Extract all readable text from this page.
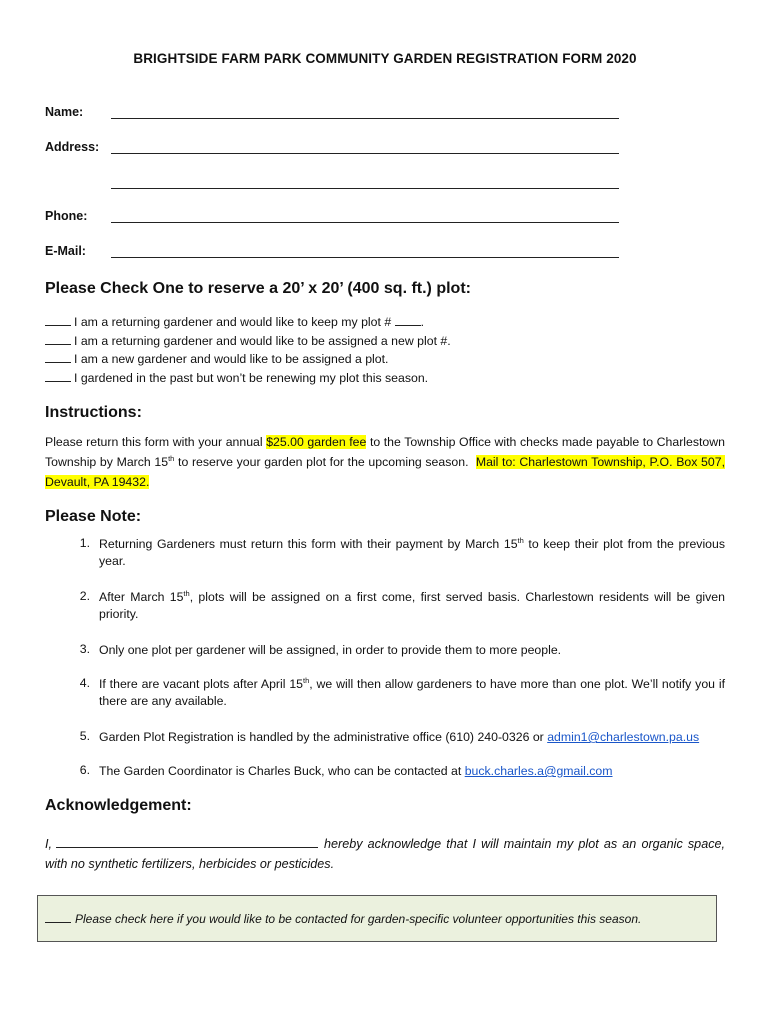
BRIGHTSIDE FARM PARK COMMUNITY GARDEN REGISTRATION FORM 2020
Name:
Address:
Phone:
E-Mail:
Please Check One to reserve a 20’ x 20’ (400 sq. ft.) plot:
I am a returning gardener and would like to keep my plot # .
I am a returning gardener and would like to be assigned a new plot #.
I am a new gardener and would like to be assigned a plot.
I gardened in the past but won’t be renewing my plot this season.
Instructions:
Please return this form with your annual $25.00 garden fee to the Township Office with checks made payable to Charlestown Township by March 15th to reserve your garden plot for the upcoming season. Mail to: Charlestown Township, P.O. Box 507, Devault, PA 19432.
Please Note:
1. Returning Gardeners must return this form with their payment by March 15th to keep their plot from the previous year.
2. After March 15th, plots will be assigned on a first come, first served basis. Charlestown residents will be given priority.
3. Only one plot per gardener will be assigned, in order to provide them to more people.
4. If there are vacant plots after April 15th, we will then allow gardeners to have more than one plot. We’ll notify you if there are any available.
5. Garden Plot Registration is handled by the administrative office (610) 240-0326 or admin1@charlestown.pa.us
6. The Garden Coordinator is Charles Buck, who can be contacted at buck.charles.a@gmail.com
Acknowledgement:
I,	hereby acknowledge that I will maintain my plot as an organic space, with no synthetic fertilizers, herbicides or pesticides.
Please check here if you would like to be contacted for garden-specific volunteer opportunities this season.
